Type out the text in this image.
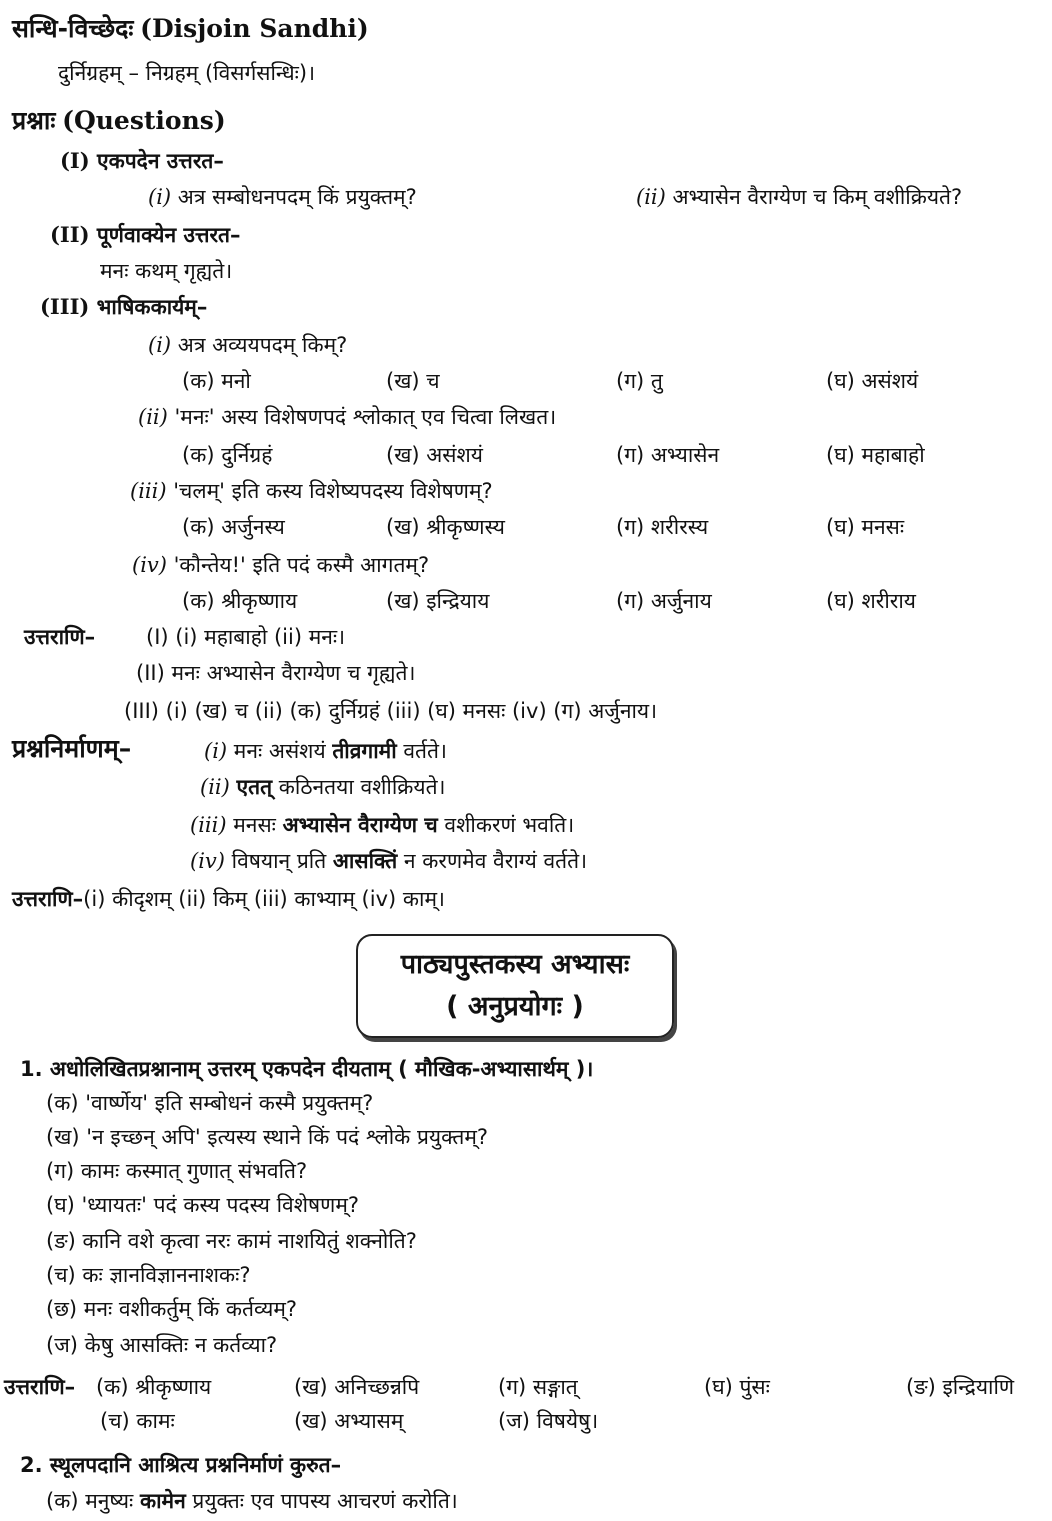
सन्धि-विच्छेदः (Disjoin Sandhi)
दुर्निग्रहम् – निग्रहम् (विसर्गसन्धिः)।
प्रश्नाः (Questions)
(I) एकपदेन उत्तरत–
(i) अत्र सम्बोधनपदम् किं प्रयुक्तम्?	(ii) अभ्यासेन वैराग्येण च किम् वशीक्रियते?
(II) पूर्णवाक्येन उत्तरत–
मनः कथम् गृह्यते।
(III) भाषिककार्यम्–
(i) अत्र अव्ययपदम् किम्?
(क) मनो	(ख) च	(ग) तु	(घ) असंशयं
(ii) 'मनः' अस्य विशेषणपदं श्लोकात् एव चित्वा लिखत।
(क) दुर्निग्रहं	(ख) असंशयं	(ग) अभ्यासेन	(घ) महाबाहो
(iii) 'चलम्' इति कस्य विशेष्यपदस्य विशेषणम्?
(क) अर्जुनस्य	(ख) श्रीकृष्णस्य	(ग) शरीरस्य	(घ) मनसः
(iv) 'कौन्तेय!' इति पदं कस्मै आगतम्?
(क) श्रीकृष्णाय	(ख) इन्द्रियाय	(ग) अर्जुनाय	(घ) शरीराय
उत्तराणि– (I) (i) महाबाहो (ii) मनः।
(II) मनः अभ्यासेन वैराग्येण च गृह्यते।
(III) (i) (ख) च (ii) (क) दुर्निग्रहं (iii) (घ) मनसः (iv) (ग) अर्जुनाय।
प्रश्ननिर्माणम्–	(i) मनः असंशयं तीव्रगामी वर्तते।
(ii) एतत् कठिनतया वशीक्रियते।
(iii) मनसः अभ्यासेन वैराग्येण च वशीकरणं भवति।
(iv) विषयान् प्रति आसक्तिं न करणमेव वैराग्यं वर्तते।
उत्तराणि–(i) कीदृशम् (ii) किम् (iii) काभ्याम् (iv) काम्।
पाठ्यपुस्तकस्य अभ्यासः
( अनुप्रयोगः )
1. अधोलिखितप्रश्नानाम् उत्तरम् एकपदेन दीयताम् ( मौखिक-अभ्यासार्थम् )।
(क) 'वार्ष्णेय' इति सम्बोधनं कस्मै प्रयुक्तम्?
(ख) 'न इच्छन् अपि' इत्यस्य स्थाने किं पदं श्लोके प्रयुक्तम्?
(ग) कामः कस्मात् गुणात् संभवति?
(घ) 'ध्यायतः' पदं कस्य पदस्य विशेषणम्?
(ङ) कानि वशे कृत्वा नरः कामं नाशयितुं शक्नोति?
(च) कः ज्ञानविज्ञाननाशकः?
(छ) मनः वशीकर्तुम् किं कर्तव्यम्?
(ज) केषु आसक्तिः न कर्तव्या?
उत्तराणि– (क) श्रीकृष्णाय	(ख) अनिच्छन्नपि	(ग) सङ्गात्	(घ) पुंसः	(ङ) इन्द्रियाणि
(च) कामः	(ख) अभ्यासम्	(ज) विषयेषु।
2. स्थूलपदानि आश्रित्य प्रश्ननिर्माणं कुरुत–
(क) मनुष्यः कामेन प्रयुक्तः एव पापस्य आचरणं करोति।
